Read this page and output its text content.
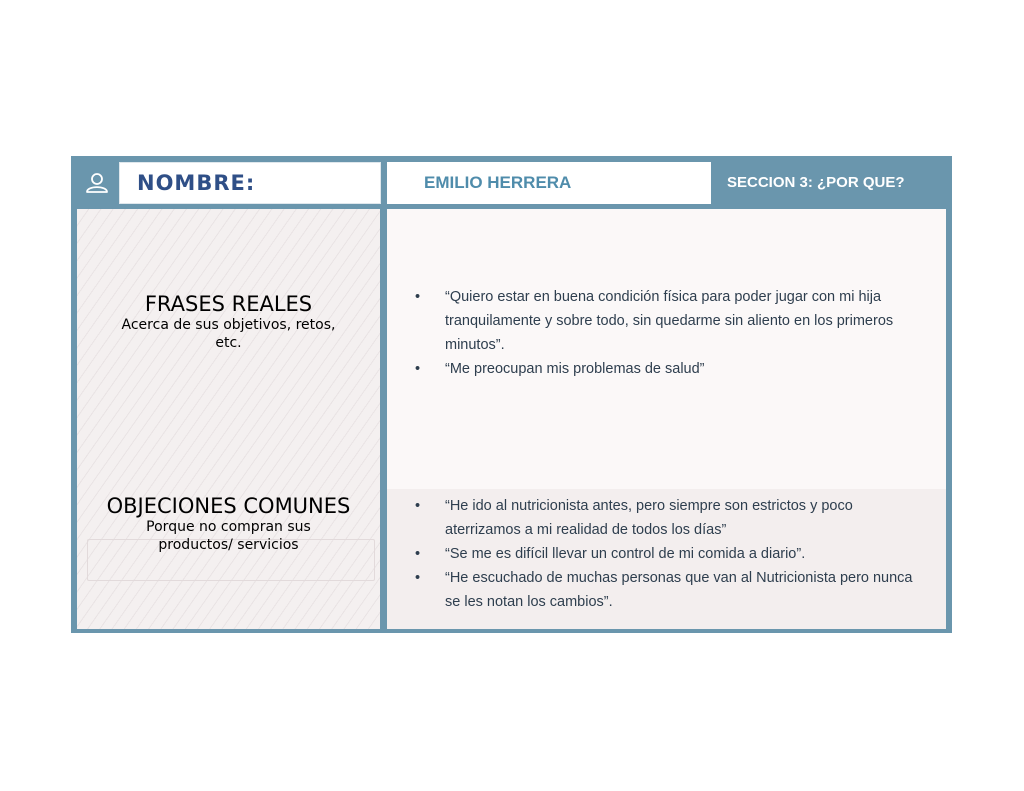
NOMBRE:	EMILIO HERRERA	SECCION 3: ¿POR QUE?
FRASES REALES
Acerca de sus objetivos, retos, etc.
OBJECIONES COMUNES
Porque no compran sus productos/ servicios
• “Quiero estar en buena condición física para poder jugar con mi hija tranquilamente y sobre todo, sin quedarme sin aliento en los primeros minutos”.
• “Me preocupan mis problemas de salud”
• “He ido al nutricionista antes, pero siempre son estrictos y poco aterrizamos a mi realidad de todos los días”
• “Se me es difícil llevar un control de mi comida a diario”.
• “He escuchado de muchas personas que van al Nutricionista pero nunca se les notan los cambios”.
